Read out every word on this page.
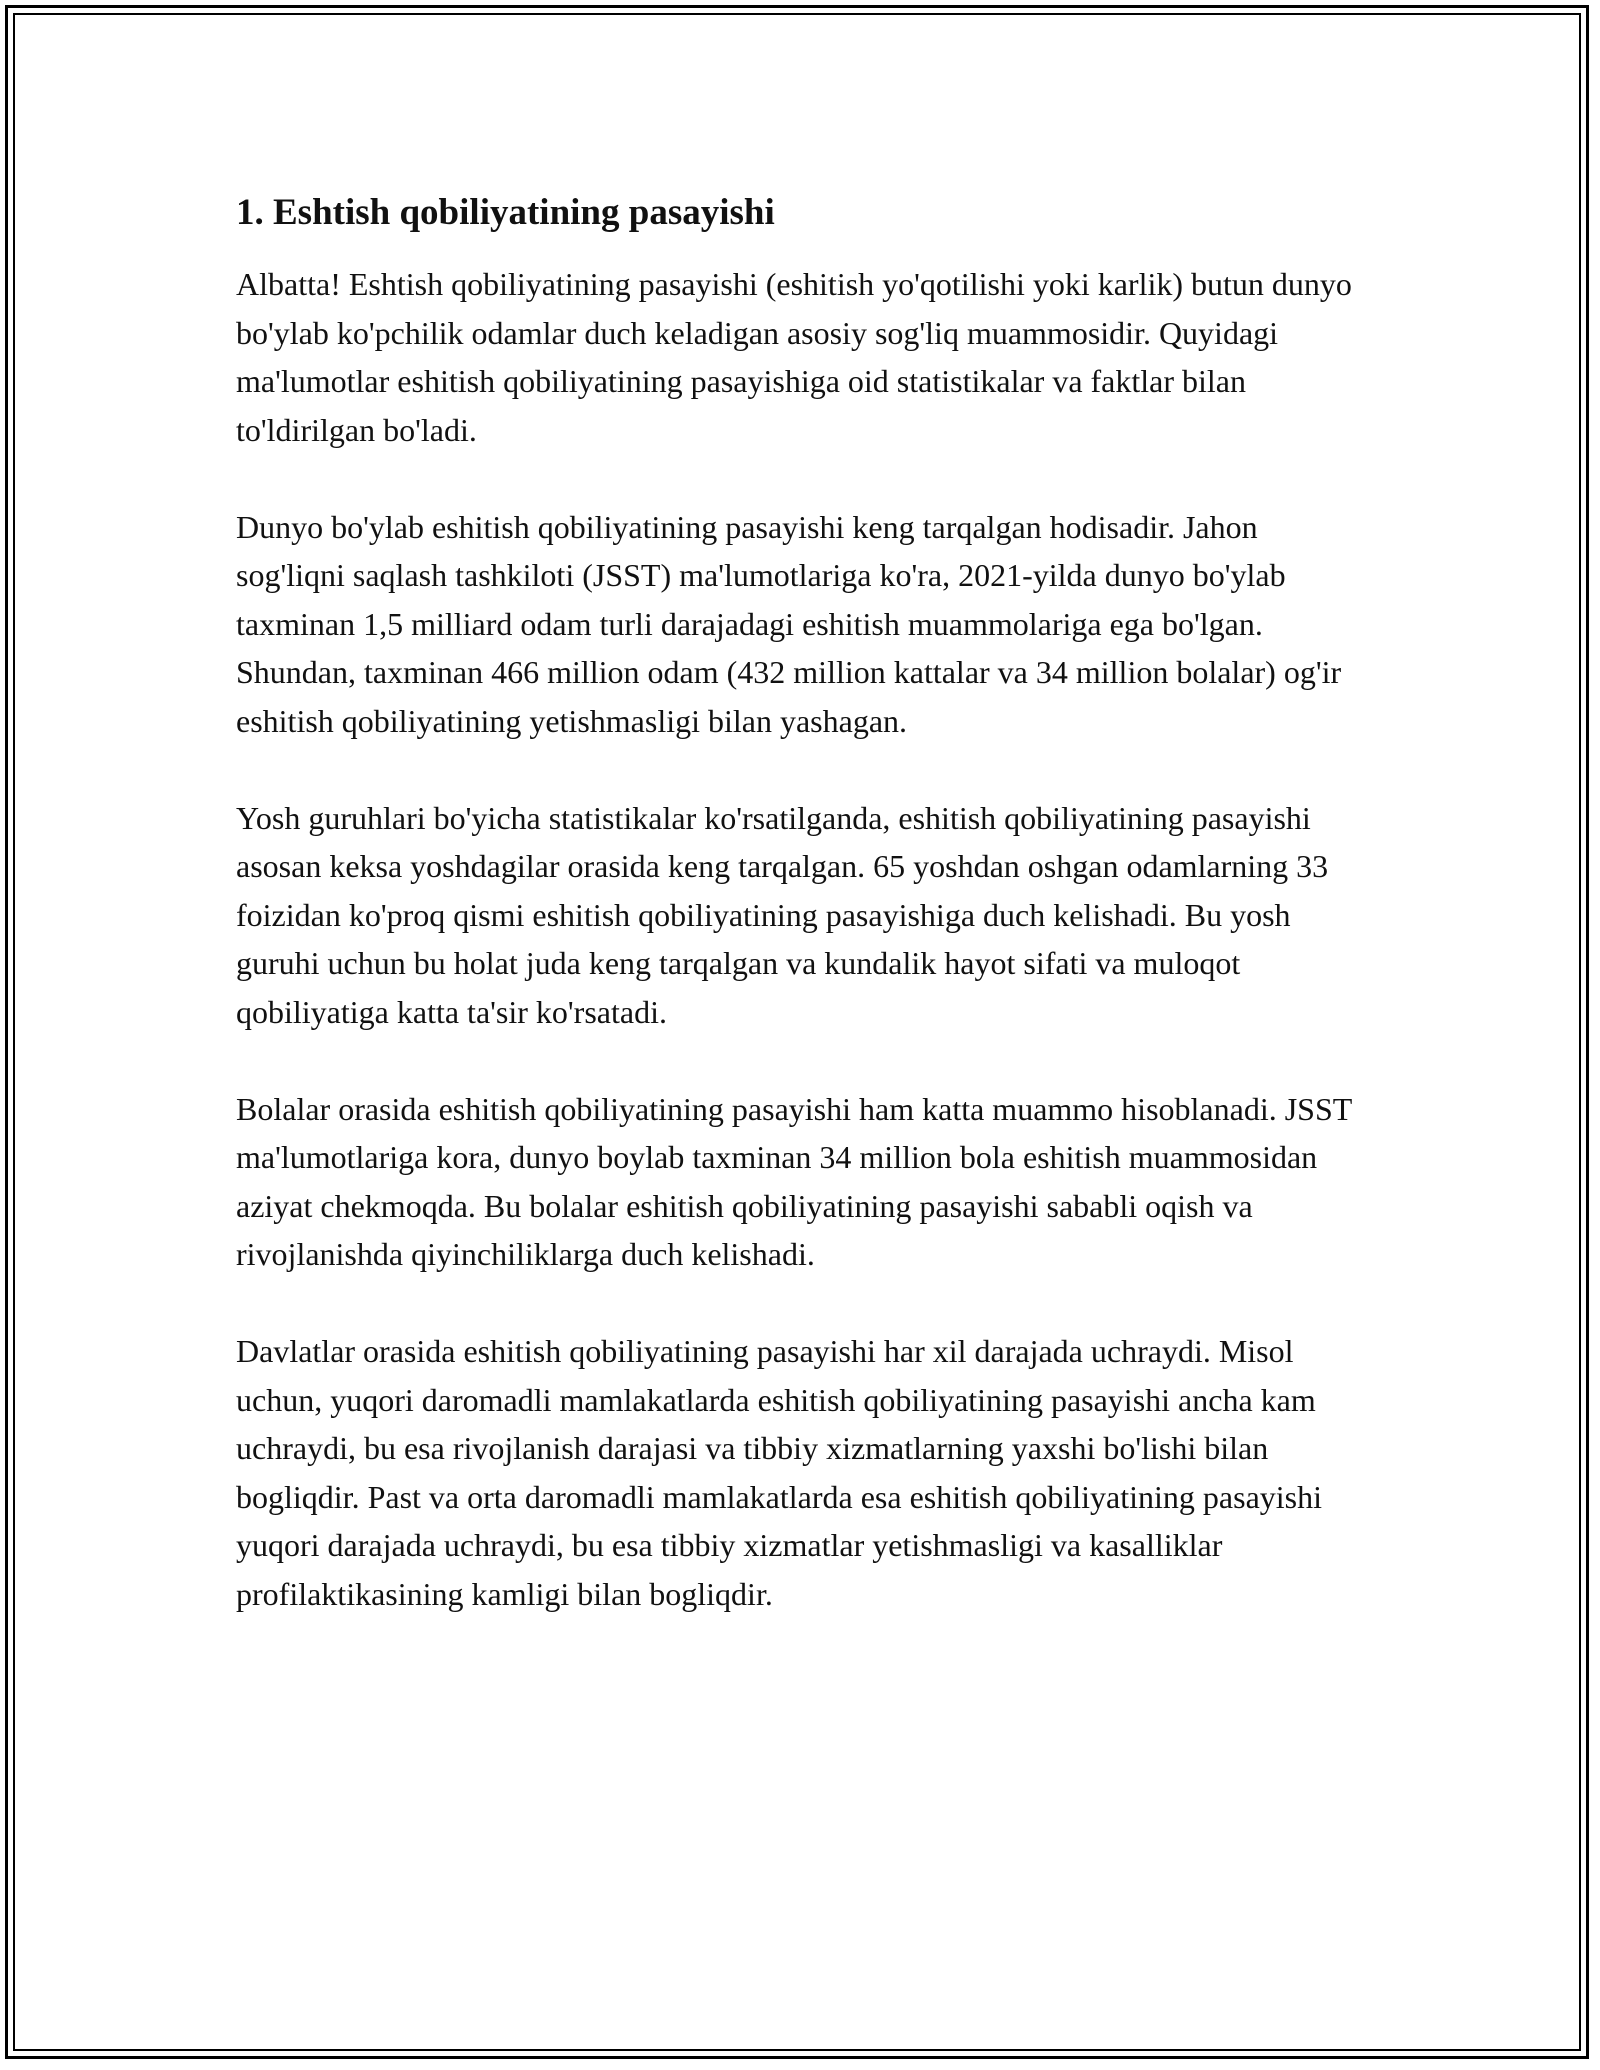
1. Eshtish qobiliyatining pasayishi

Albatta! Eshtish qobiliyatining pasayishi (eshitish yo'qotilishi yoki karlik) butun dunyo bo'ylab ko'pchilik odamlar duch keladigan asosiy sog'liq muammosidir. Quyidagi ma'lumotlar eshitish qobiliyatining pasayishiga oid statistikalar va faktlar bilan to'ldirilgan bo'ladi.

Dunyo bo'ylab eshitish qobiliyatining pasayishi keng tarqalgan hodisadir. Jahon sog'liqni saqlash tashkiloti (JSST) ma'lumotlariga ko'ra, 2021-yilda dunyo bo'ylab taxminan 1,5 milliard odam turli darajadagi eshitish muammolariga ega bo'lgan. Shundan, taxminan 466 million odam (432 million kattalar va 34 million bolalar) og'ir eshitish qobiliyatining yetishmasligi bilan yashagan.

Yosh guruhlari bo'yicha statistikalar ko'rsatilganda, eshitish qobiliyatining pasayishi asosan keksa yoshdagilar orasida keng tarqalgan. 65 yoshdan oshgan odamlarning 33 foizidan ko'proq qismi eshitish qobiliyatining pasayishiga duch kelishadi. Bu yosh guruhi uchun bu holat juda keng tarqalgan va kundalik hayot sifati va muloqot qobiliyatiga katta ta'sir ko'rsatadi.

Bolalar orasida eshitish qobiliyatining pasayishi ham katta muammo hisoblanadi. JSST ma'lumotlariga kora, dunyo boylab taxminan 34 million bola eshitish muammosidan aziyat chekmoqda. Bu bolalar eshitish qobiliyatining pasayishi sababli oqish va rivojlanishda qiyinchiliklarga duch kelishadi.

Davlatlar orasida eshitish qobiliyatining pasayishi har xil darajada uchraydi. Misol uchun, yuqori daromadli mamlakatlarda eshitish qobiliyatining pasayishi ancha kam uchraydi, bu esa rivojlanish darajasi va tibbiy xizmatlarning yaxshi bo'lishi bilan bogliqdir. Past va orta daromadli mamlakatlarda esa eshitish qobiliyatining pasayishi yuqori darajada uchraydi, bu esa tibbiy xizmatlar yetishmasligi va kasalliklar profilaktikasining kamligi bilan bogliqdir.
